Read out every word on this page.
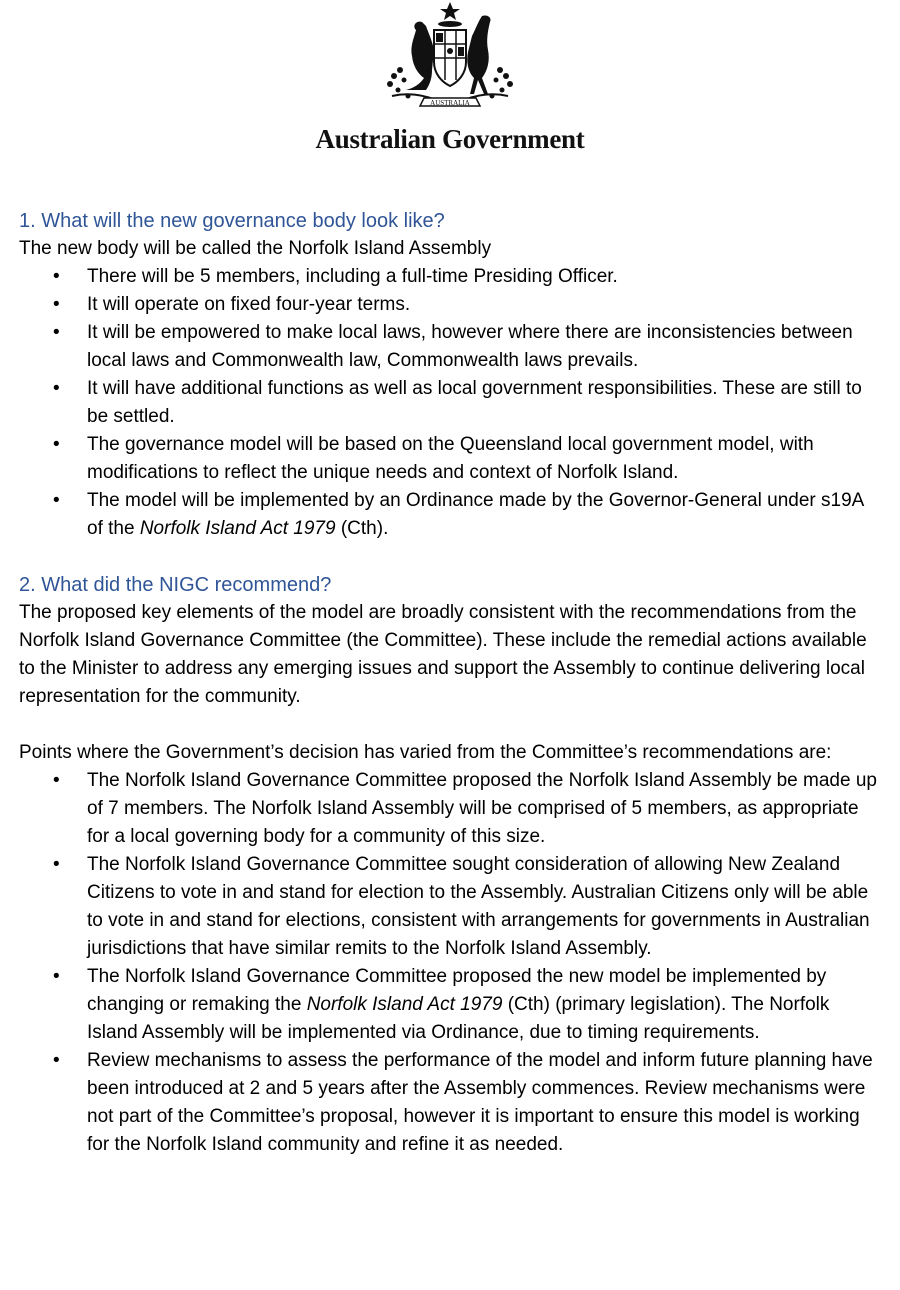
AUSTRALIA
Australian Government
1. What will the new governance body look like?

The new body will be called the Norfolk Island Assembly

• There will be 5 members, including a full-time Presiding Officer.
• It will operate on fixed four-year terms.
• It will be empowered to make local laws, however where there are inconsistencies between local laws and Commonwealth law, Commonwealth laws prevails.
• It will have additional functions as well as local government responsibilities. These are still to be settled.
• The governance model will be based on the Queensland local government model, with modifications to reflect the unique needs and context of Norfolk Island.
• The model will be implemented by an Ordinance made by the Governor-General under s19A of the Norfolk Island Act 1979 (Cth).
2. What did the NIGC recommend?

The proposed key elements of the model are broadly consistent with the recommendations from the Norfolk Island Governance Committee (the Committee). These include the remedial actions available to the Minister to address any emerging issues and support the Assembly to continue delivering local representation for the community.

Points where the Government’s decision has varied from the Committee’s recommendations are:

• The Norfolk Island Governance Committee proposed the Norfolk Island Assembly be made up of 7 members. The Norfolk Island Assembly will be comprised of 5 members, as appropriate for a local governing body for a community of this size.
• The Norfolk Island Governance Committee sought consideration of allowing New Zealand Citizens to vote in and stand for election to the Assembly. Australian Citizens only will be able to vote in and stand for elections, consistent with arrangements for governments in Australian jurisdictions that have similar remits to the Norfolk Island Assembly.
• The Norfolk Island Governance Committee proposed the new model be implemented by changing or remaking the Norfolk Island Act 1979 (Cth) (primary legislation). The Norfolk Island Assembly will be implemented via Ordinance, due to timing requirements.
• Review mechanisms to assess the performance of the model and inform future planning have been introduced at 2 and 5 years after the Assembly commences. Review mechanisms were not part of the Committee’s proposal, however it is important to ensure this model is working for the Norfolk Island community and refine it as needed.
